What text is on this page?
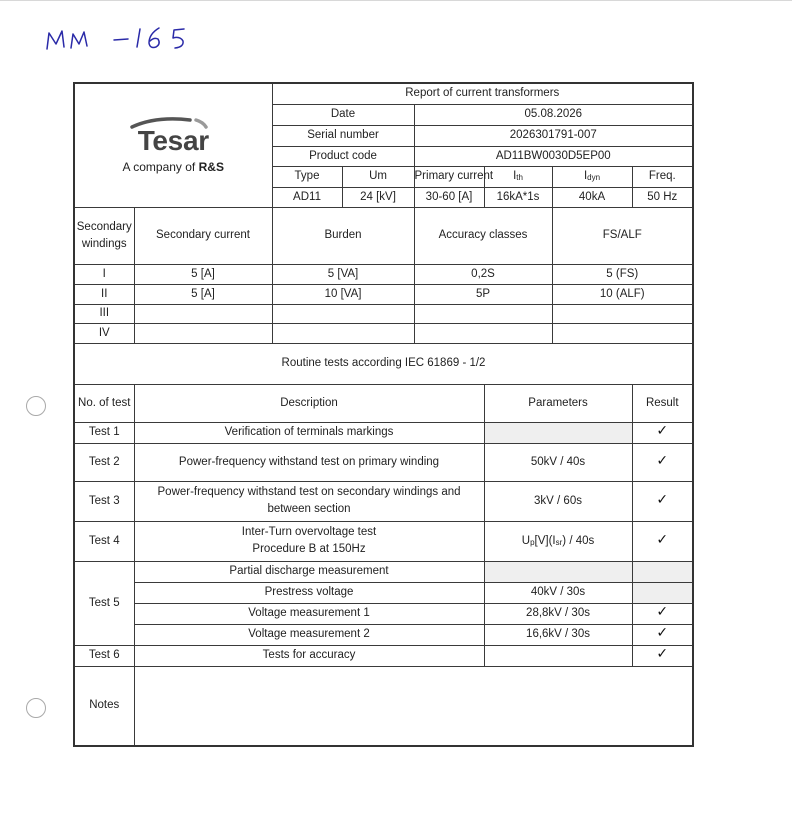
Tesar
A company of R&S		Report of current transformers					
		Date		05.08.2026			
		Serial number		2026301791-007			
		Product code		AD11BW0030D5EP00			
		Type	Um	Primary current	$I_{th}$	$I_{dyn}$	Freq.
		AD11	24 [kV]	30-60 [A]	16kA*1s	40kA	50 Hz
Secondary
windings	Secondary current	Burden		Accuracy classes		FS/ALF	
I	5 [A]	5 [VA]		0,2S		5 (FS)	
II	5 [A]	10 [VA]		5P		10 (ALF)	
III							
IV							
Routine tests according IEC 61869 - 1/2							
No. of test	Description				Parameters		Result
Test 1	Verification of terminals markings						✓
Test 2	Power-frequency withstand test on primary winding				50kV / 40s		✓
Test 3	Power-frequency withstand test on secondary windings and
between section				3kV / 60s		✓
Test 4	Inter-Turn overvoltage test
Procedure B at 150Hz				$U_p[V](I_{sr}) / 40s$		✓
Test 5	Partial discharge measurement						
	Prestress voltage				40kV / 30s		
	Voltage measurement 1				28,8kV / 30s		✓
	Voltage measurement 2				16,6kV / 30s		✓
Test 6	Tests for accuracy						✓
Notes							
